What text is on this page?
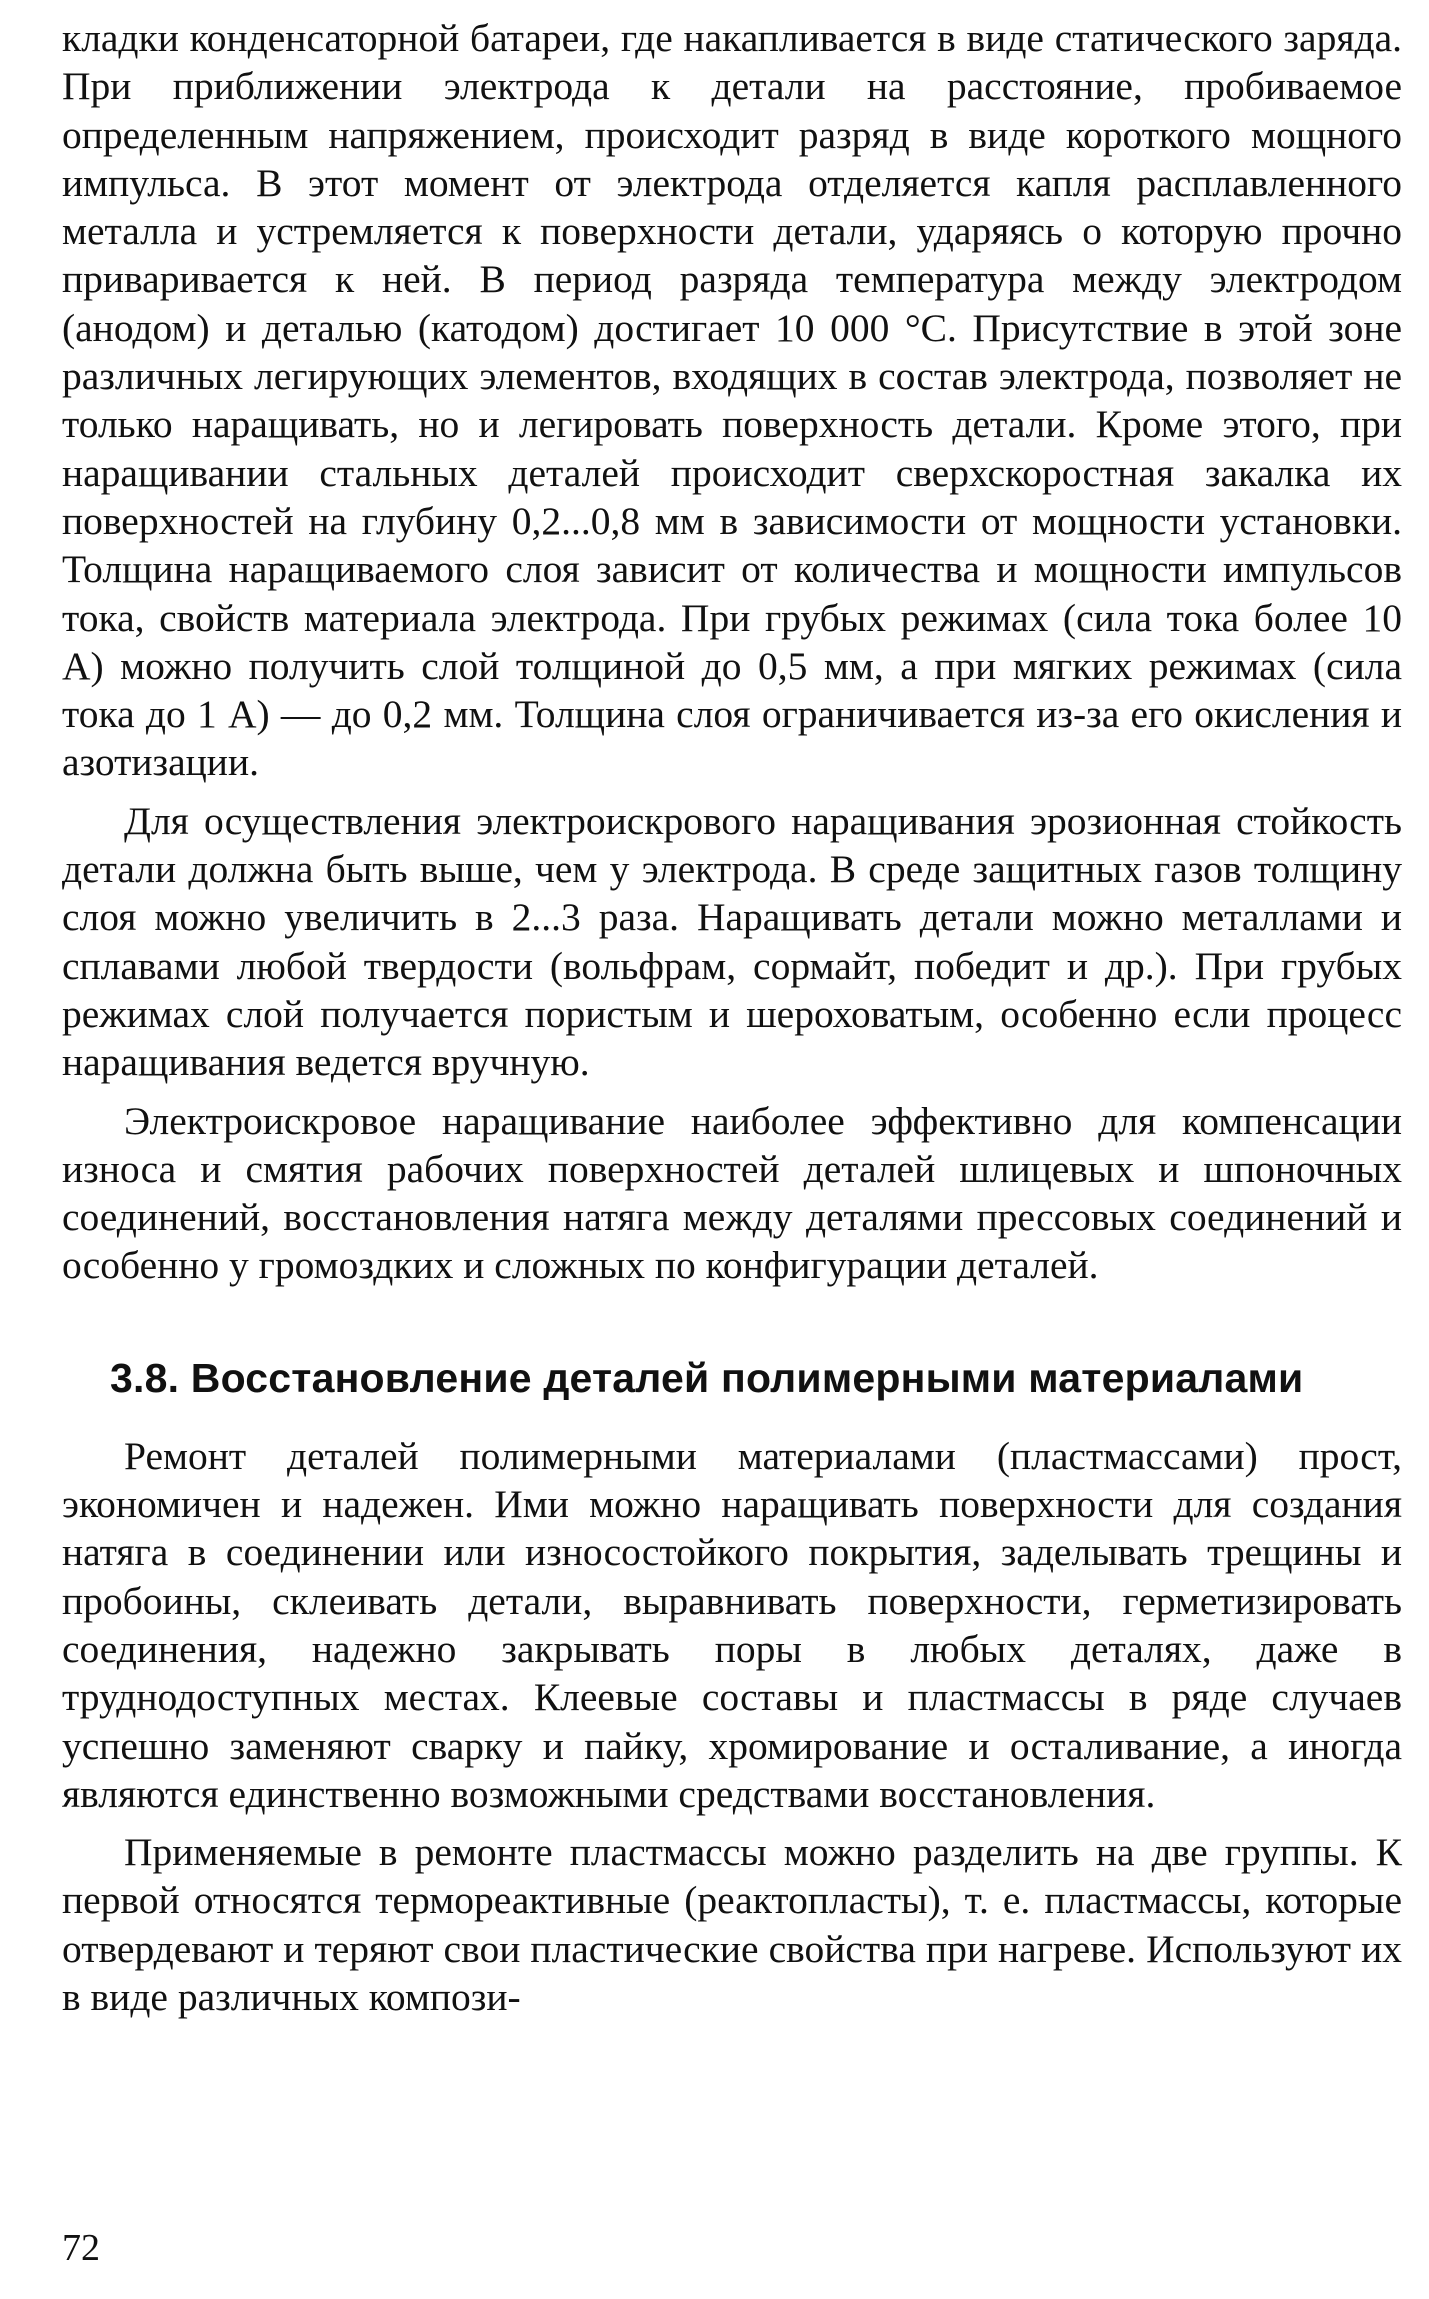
кладки конденсаторной батареи, где накапливается в виде статического заряда. При приближении электрода к детали на расстояние, пробиваемое определенным напряжением, происходит разряд в виде короткого мощного импульса. В этот момент от электрода отделяется капля расплавленного металла и устремляется к поверхности детали, ударяясь о которую прочно приваривается к ней. В период разряда температура между электродом (анодом) и деталью (катодом) достигает 10 000 °C. Присутствие в этой зоне различных легирующих элементов, входящих в состав электрода, позволяет не только наращивать, но и легировать поверхность детали. Кроме этого, при наращивании стальных деталей происходит сверхскоростная закалка их поверхностей на глубину 0,2...0,8 мм в зависимости от мощности установки. Толщина наращиваемого слоя зависит от количества и мощности импульсов тока, свойств материала электрода. При грубых режимах (сила тока более 10 А) можно получить слой толщиной до 0,5 мм, а при мягких режимах (сила тока до 1 А) — до 0,2 мм. Толщина слоя ограничивается из-за его окисления и азотизации.

Для осуществления электроискрового наращивания эрозионная стойкость детали должна быть выше, чем у электрода. В среде защитных газов толщину слоя можно увеличить в 2...3 раза. Наращивать детали можно металлами и сплавами любой твердости (вольфрам, сормайт, победит и др.). При грубых режимах слой получается пористым и шероховатым, особенно если процесс наращивания ведется вручную.

Электроискровое наращивание наиболее эффективно для компенсации износа и смятия рабочих поверхностей деталей шлицевых и шпоночных соединений, восстановления натяга между деталями прессовых соединений и особенно у громоздких и сложных по конфигурации деталей.

3.8. Восстановление деталей полимерными материалами

Ремонт деталей полимерными материалами (пластмассами) прост, экономичен и надежен. Ими можно наращивать поверхности для создания натяга в соединении или износостойкого покрытия, заделывать трещины и пробоины, склеивать детали, выравнивать поверхности, герметизировать соединения, надежно закрывать поры в любых деталях, даже в труднодоступных местах. Клеевые составы и пластмассы в ряде случаев успешно заменяют сварку и пайку, хромирование и осталивание, а иногда являются единственно возможными средствами восстановления.

Применяемые в ремонте пластмассы можно разделить на две группы. К первой относятся термореактивные (реактопласты), т. е. пластмассы, которые отвердевают и теряют свои пластические свойства при нагреве. Используют их в виде различных компози-

72
